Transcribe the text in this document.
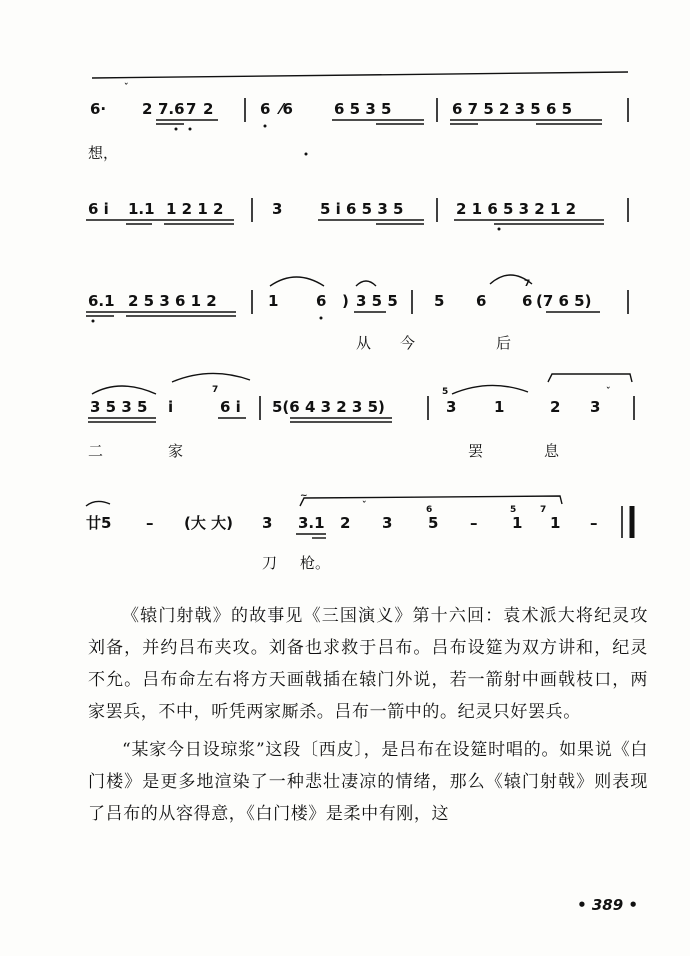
6·
ˇ
2 7.6 7 2	6 ⁄6	6 5 3 5	6 7 5 2 3 5 6 5
想，
6 i 1.1 1 2 1 2	3	5 i 6 5 3 5	2 1 6 5 3 2 1 2
6.1 2 5 3 6 1 2	1	6 ) 3 5 5 5 6
7
6 (7 6 5)
从 今	后
3 5 3 5 i
7
6 i 5(6 4 3 2 3 5)
5
3	1	2 3
ˇ
二	家	罢	息
廿5 – (大 大) 3
~
3.1 2
ˇ
3
6
5 –
5
1
7
1 –
刀 枪。

《辕门射戟》的故事见《三国演义》第十六回：袁术派大将纪灵攻刘备，并约吕布夹攻。刘备也求救于吕布。吕布设筵为双方讲和，纪灵不允。吕布命左右将方天画戟插在辕门外说，若一箭射中画戟枝口，两家罢兵，不中，听凭两家厮杀。吕布一箭中的。纪灵只好罢兵。

“某家今日设琼浆”这段〔西皮〕，是吕布在设筵时唱的。如果说《白门楼》是更多地渲染了一种悲壮凄凉的情绪，那么《辕门射戟》则表现了吕布的从容得意，《白门楼》是柔中有刚，这

• 389 •
